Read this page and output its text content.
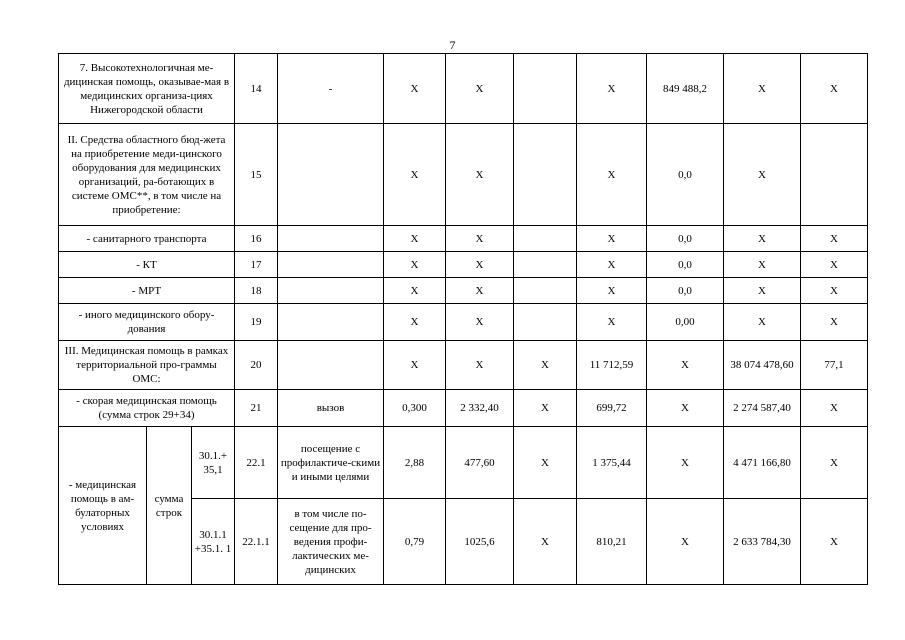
7
7. Высокотехнологичная ме-дицинская помощь, оказывае-мая в медицинских организа-циях Нижегородской области			14	-	X	X		X	849 488,2	X	X
II. Средства областного бюд-жета на приобретение меди-цинского оборудования для медицинских организаций, ра-ботающих в системе ОМС**, в том числе на приобретение:			15		X	X		X	0,0	X	
- санитарного транспорта			16		X	X		X	0,0	X	X
- КТ			17		X	X		X	0,0	X	X
- МРТ			18		X	X		X	0,0	X	X
- иного медицинского обору-дования			19		X	X		X	0,00	X	X
III. Медицинская помощь в рамках территориальной про-граммы ОМС:			20		X	X	X	11 712,59	X	38 074 478,60	77,1
- скорая медицинская помощь (сумма строк 29+34)			21	вызов	0,300	2 332,40	X	699,72	X	2 274 587,40	X
- медицинская помощь в ам-булаторных условиях	сумма строк	30.1.+ 35,1	22.1	посещение с профилактиче-скими и иными целями	2,88	477,60	X	1 375,44	X	4 471 166,80	X
		30.1.1 +35.1. 1	22.1.1	в том числе по-сещение для про-ведения профи-лактических ме-дицинских	0,79	1025,6	X	810,21	X	2 633 784,30	X
